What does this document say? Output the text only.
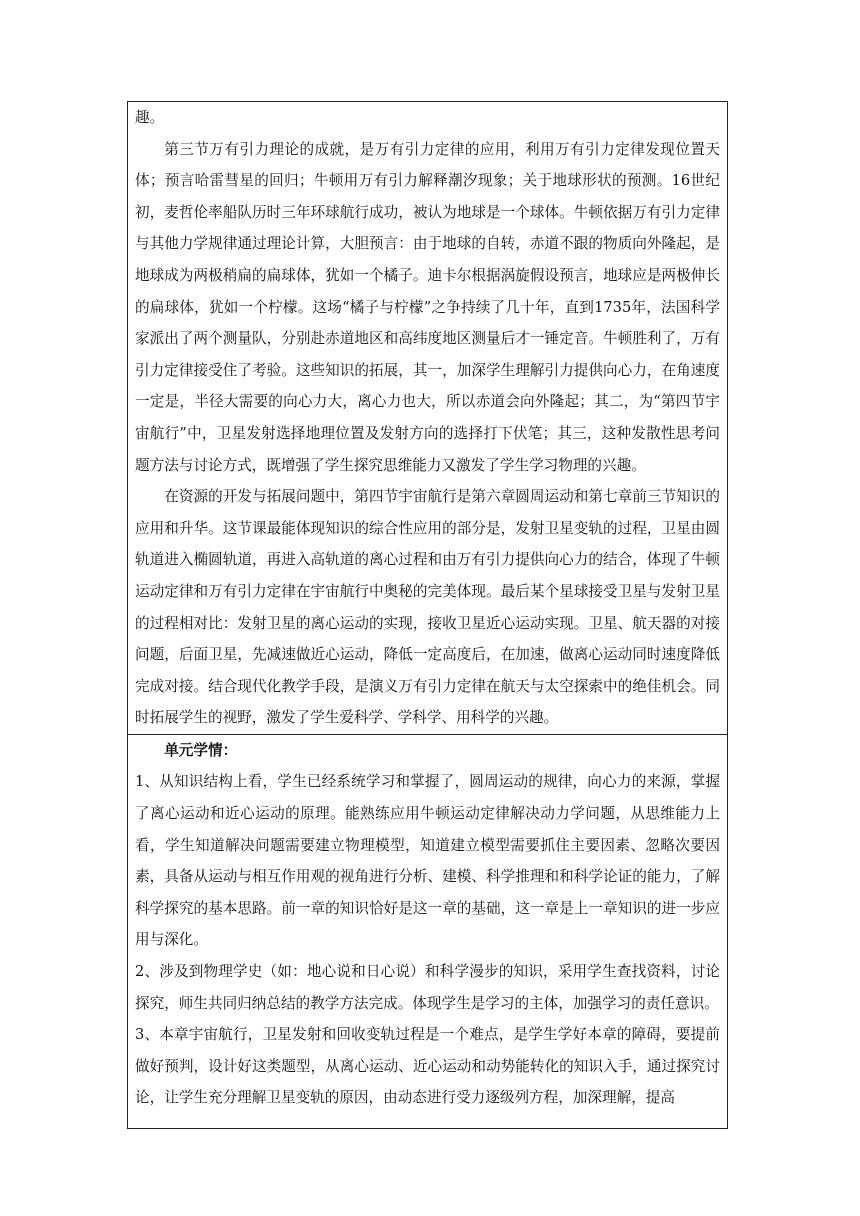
趣。

第三节万有引力理论的成就，是万有引力定律的应用，利用万有引力定律发现位置天体；预言哈雷彗星的回归；牛顿用万有引力解释潮汐现象；关于地球形状的预测。16世纪初，麦哲伦率船队历时三年环球航行成功，被认为地球是一个球体。牛顿依据万有引力定律与其他力学规律通过理论计算，大胆预言：由于地球的自转，赤道不跟的物质向外隆起，是地球成为两极稍扁的扁球体，犹如一个橘子。迪卡尔根据涡旋假设预言，地球应是两极伸长的扁球体，犹如一个柠檬。这场“橘子与柠檬”之争持续了几十年，直到1735年，法国科学家派出了两个测量队，分别赴赤道地区和高纬度地区测量后才一锤定音。牛顿胜利了，万有引力定律接受住了考验。这些知识的拓展，其一，加深学生理解引力提供向心力，在角速度一定是，半径大需要的向心力大，离心力也大，所以赤道会向外隆起；其二，为“第四节宇宙航行”中，卫星发射选择地理位置及发射方向的选择打下伏笔；其三，这种发散性思考问题方法与讨论方式，既增强了学生探究思维能力又激发了学生学习物理的兴趣。

在资源的开发与拓展问题中，第四节宇宙航行是第六章圆周运动和第七章前三节知识的应用和升华。这节课最能体现知识的综合性应用的部分是，发射卫星变轨的过程，卫星由圆轨道进入椭圆轨道，再进入高轨道的离心过程和由万有引力提供向心力的结合，体现了牛顿运动定律和万有引力定律在宇宙航行中奥秘的完美体现。最后某个星球接受卫星与发射卫星的过程相对比：发射卫星的离心运动的实现，接收卫星近心运动实现。卫星、航天器的对接问题，后面卫星，先减速做近心运动，降低一定高度后，在加速，做离心运动同时速度降低完成对接。结合现代化教学手段，是演义万有引力定律在航天与太空探索中的绝佳机会。同时拓展学生的视野，激发了学生爱科学、学科学、用科学的兴趣。

单元学情：

1、从知识结构上看，学生已经系统学习和掌握了，圆周运动的规律，向心力的来源，掌握了离心运动和近心运动的原理。能熟练应用牛顿运动定律解决动力学问题，从思维能力上看，学生知道解决问题需要建立物理模型，知道建立模型需要抓住主要因素、忽略次要因素，具备从运动与相互作用观的视角进行分析、建模、科学推理和和科学论证的能力，了解科学探究的基本思路。前一章的知识恰好是这一章的基础，这一章是上一章知识的进一步应用与深化。

2、涉及到物理学史（如：地心说和日心说）和科学漫步的知识，采用学生查找资料，讨论探究，师生共同归纳总结的教学方法完成。体现学生是学习的主体，加强学习的责任意识。

3、本章宇宙航行，卫星发射和回收变轨过程是一个难点，是学生学好本章的障碍，要提前做好预判，设计好这类题型，从离心运动、近心运动和动势能转化的知识入手，通过探究讨论，让学生充分理解卫星变轨的原因，由动态进行受力逐级列方程，加深理解，提高
